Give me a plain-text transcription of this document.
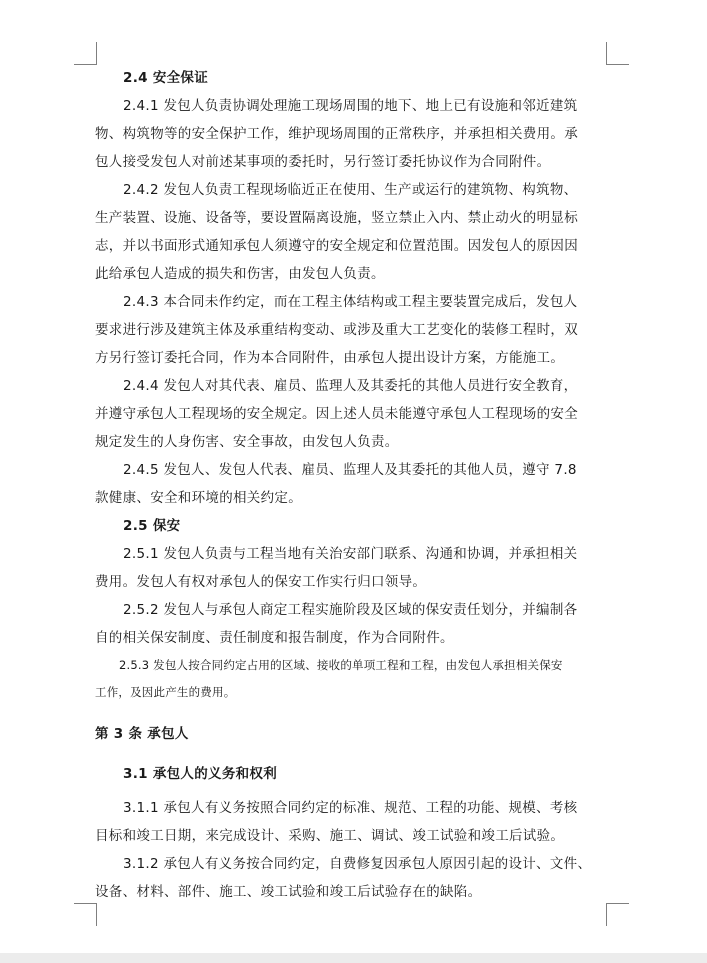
2.4 安全保证
2.4.1 发包人负责协调处理施工现场周围的地下、地上已有设施和邻近建筑
物、构筑物等的安全保护工作，维护现场周围的正常秩序，并承担相关费用。承
包人接受发包人对前述某事项的委托时，另行签订委托协议作为合同附件。
2.4.2 发包人负责工程现场临近正在使用、生产或运行的建筑物、构筑物、
生产装置、设施、设备等，要设置隔离设施，竖立禁止入内、禁止动火的明显标
志，并以书面形式通知承包人须遵守的安全规定和位置范围。因发包人的原因因
此给承包人造成的损失和伤害，由发包人负责。
2.4.3 本合同未作约定，而在工程主体结构或工程主要装置完成后，发包人
要求进行涉及建筑主体及承重结构变动、或涉及重大工艺变化的装修工程时，双
方另行签订委托合同，作为本合同附件，由承包人提出设计方案，方能施工。
2.4.4 发包人对其代表、雇员、监理人及其委托的其他人员进行安全教育，
并遵守承包人工程现场的安全规定。因上述人员未能遵守承包人工程现场的安全
规定发生的人身伤害、安全事故，由发包人负责。
2.4.5 发包人、发包人代表、雇员、监理人及其委托的其他人员，遵守 7.8
款健康、安全和环境的相关约定。
2.5 保安
2.5.1 发包人负责与工程当地有关治安部门联系、沟通和协调，并承担相关
费用。发包人有权对承包人的保安工作实行归口领导。
2.5.2 发包人与承包人商定工程实施阶段及区域的保安责任划分，并编制各
自的相关保安制度、责任制度和报告制度，作为合同附件。
2.5.3 发包人按合同约定占用的区域、接收的单项工程和工程，由发包人承担相关保安
工作，及因此产生的费用。
第 3 条 承包人
3.1 承包人的义务和权利
3.1.1 承包人有义务按照合同约定的标准、规范、工程的功能、规模、考核
目标和竣工日期，来完成设计、采购、施工、调试、竣工试验和竣工后试验。
3.1.2 承包人有义务按合同约定，自费修复因承包人原因引起的设计、文件、
设备、材料、部件、施工、竣工试验和竣工后试验存在的缺陷。
